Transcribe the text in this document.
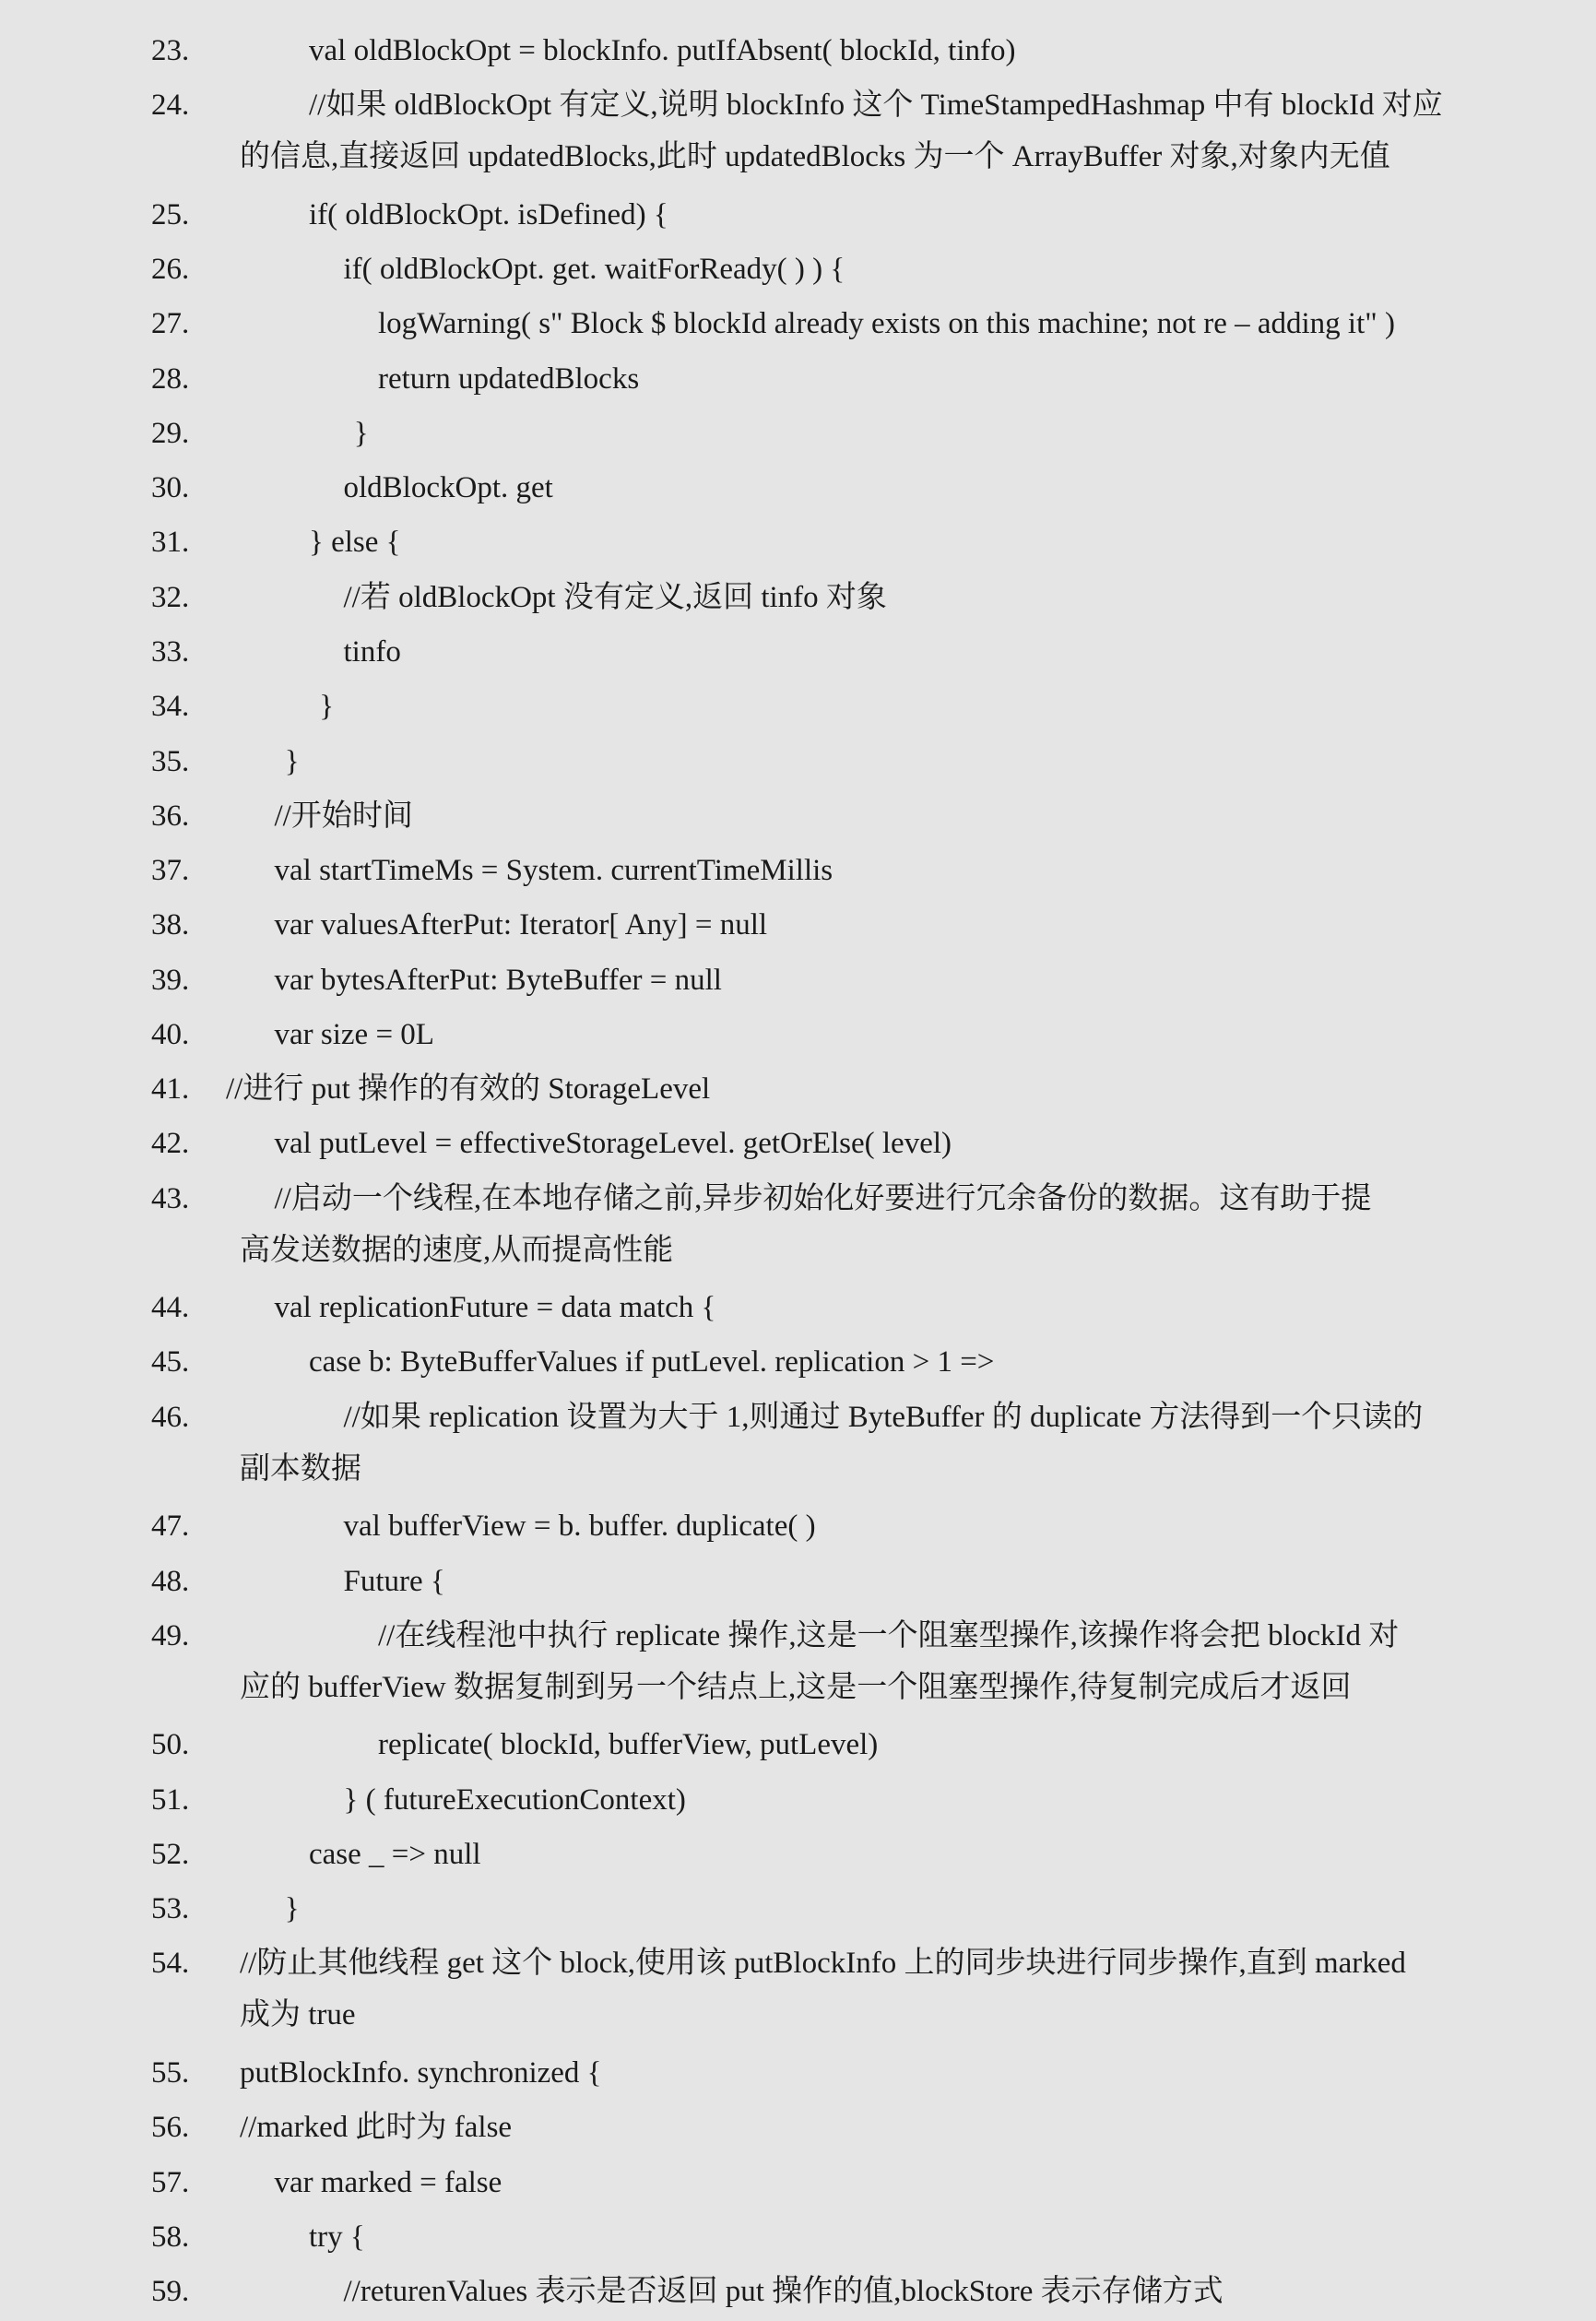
23.	val oldBlockOpt = blockInfo. putIfAbsent( blockId, tinfo)
24.	//如果 oldBlockOpt 有定义,说明 blockInfo 这个 TimeStampedHashmap 中有 blockId 对应
的信息,直接返回 updatedBlocks,此时 updatedBlocks 为一个 ArrayBuffer 对象,对象内无值
25.	if( oldBlockOpt. isDefined) {
26.	if( oldBlockOpt. get. waitForReady( ) ) {
27.	logWarning( s" Block $ blockId already exists on this machine; not re – adding it" )
28.	return updatedBlocks
29.	}
30.	oldBlockOpt. get
31.	} else {
32.	//若 oldBlockOpt 没有定义,返回 tinfo 对象
33.	tinfo
34.	}
35.	}
36.	//开始时间
37.	val startTimeMs = System. currentTimeMillis
38.	var valuesAfterPut: Iterator[ Any] = null
39.	var bytesAfterPut: ByteBuffer = null
40.	var size = 0L
41. //进行 put 操作的有效的 StorageLevel
42.	val putLevel = effectiveStorageLevel. getOrElse( level)
43.	//启动一个线程,在本地存储之前,异步初始化好要进行冗余备份的数据。这有助于提
高发送数据的速度,从而提高性能
44.	val replicationFuture = data match {
45.	case b: ByteBufferValues if putLevel. replication > 1 =>
46.	//如果 replication 设置为大于 1,则通过 ByteBuffer 的 duplicate 方法得到一个只读的
副本数据
47.	val bufferView = b. buffer. duplicate( )
48.	Future {
49.	//在线程池中执行 replicate 操作,这是一个阻塞型操作,该操作将会把 blockId 对
应的 bufferView 数据复制到另一个结点上,这是一个阻塞型操作,待复制完成后才返回
50.	replicate( blockId, bufferView, putLevel)
51.	} ( futureExecutionContext)
52.	case _ => null
53.	}
54. //防止其他线程 get 这个 block,使用该 putBlockInfo 上的同步块进行同步操作,直到 marked
成为 true
55. putBlockInfo. synchronized {
56. //marked 此时为 false
57.	var marked = false
58.	try {
59.	//returenValues 表示是否返回 put 操作的值,blockStore 表示存储方式
